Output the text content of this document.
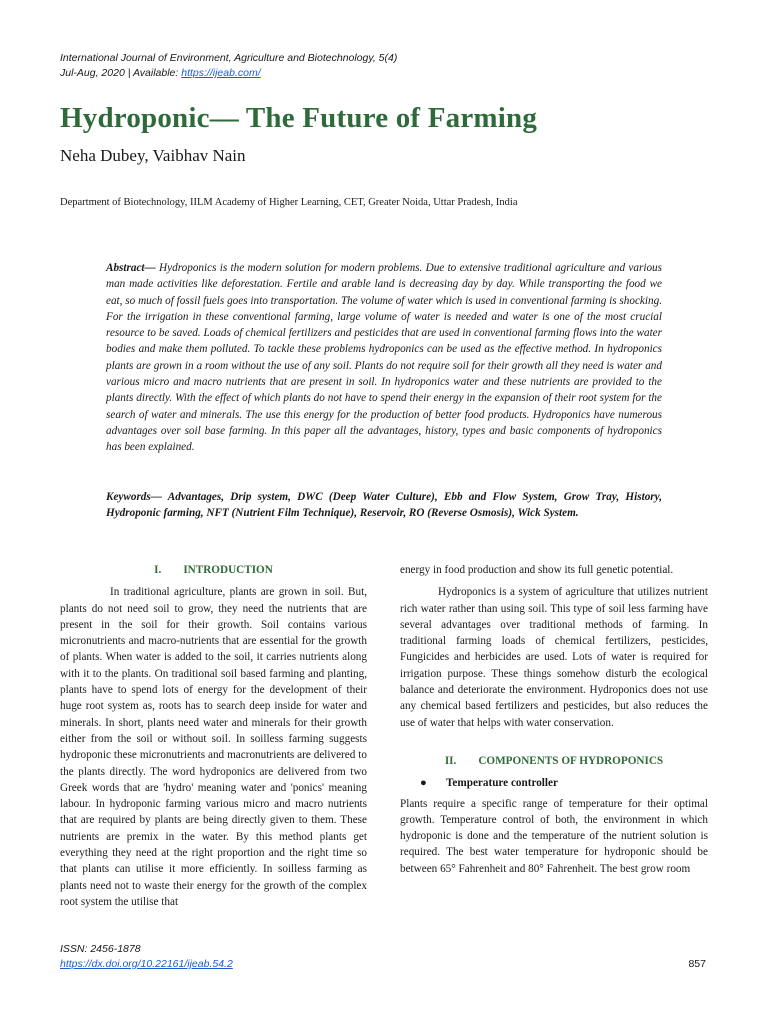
International Journal of Environment, Agriculture and Biotechnology, 5(4)
Jul-Aug, 2020 | Available: https://ijeab.com/
Hydroponic— The Future of Farming
Neha Dubey, Vaibhav Nain
Department of Biotechnology, IILM Academy of Higher Learning, CET, Greater Noida, Uttar Pradesh, India
Abstract— Hydroponics is the modern solution for modern problems. Due to extensive traditional agriculture and various man made activities like deforestation. Fertile and arable land is decreasing day by day. While transporting the food we eat, so much of fossil fuels goes into transportation. The volume of water which is used in conventional farming is shocking. For the irrigation in these conventional farming, large volume of water is needed and water is one of the most crucial resource to be saved. Loads of chemical fertilizers and pesticides that are used in conventional farming flows into the water bodies and make them polluted. To tackle these problems hydroponics can be used as the effective method. In hydroponics plants are grown in a room without the use of any soil. Plants do not require soil for their growth all they need is water and various micro and macro nutrients that are present in soil. In hydroponics water and these nutrients are provided to the plants directly. With the effect of which plants do not have to spend their energy in the expansion of their root system for the search of water and minerals. The use this energy for the production of better food products. Hydroponics have numerous advantages over soil base farming. In this paper all the advantages, history, types and basic components of hydroponics has been explained.
Keywords— Advantages, Drip system, DWC (Deep Water Culture), Ebb and Flow System, Grow Tray, History, Hydroponic farming, NFT (Nutrient Film Technique), Reservoir, RO (Reverse Osmosis), Wick System.
I. INTRODUCTION

In traditional agriculture, plants are grown in soil. But, plants do not need soil to grow, they need the nutrients that are present in the soil for their growth. Soil contains various micronutrients and macro-nutrients that are essential for the growth of plants. When water is added to the soil, it carries nutrients along with it to the plants. On traditional soil based farming and planting, plants have to spend lots of energy for the development of their huge root system as, roots has to search deep inside for water and minerals. In short, plants need water and minerals for their growth either from the soil or without soil. In soilless farming suggests hydroponic these micronutrients and macronutrients are delivered to the plants directly. The word hydroponics are delivered from two Greek words that are 'hydro' meaning water and 'ponics' meaning labour. In hydroponic farming various micro and macro nutrients that are required by plants are being directly given to them. These nutrients are premix in the water. By this method plants get everything they need at the right proportion and the right time so that plants can utilise it more efficiently. In soilless farming as plants need not to waste their energy for the growth of the complex root system the utilise that

energy in food production and show its full genetic potential.

Hydroponics is a system of agriculture that utilizes nutrient rich water rather than using soil. This type of soil less farming have several advantages over traditional methods of farming. In traditional farming loads of chemical fertilizers, pesticides, Fungicides and herbicides are used. Lots of water is required for irrigation purpose. These things somehow disturb the ecological balance and deteriorate the environment. Hydroponics does not use any chemical based fertilizers and pesticides, but also reduces the use of water that helps with water conservation.

II. COMPONENTS OF HYDROPONICS
● Temperature controller

Plants require a specific range of temperature for their optimal growth. Temperature control of both, the environment in which hydroponic is done and the temperature of the nutrient solution is required. The best water temperature for hydroponic should be between 65° Fahrenheit and 80° Fahrenheit. The best grow room

ISSN: 2456-1878
https://dx.doi.org/10.22161/ijeab.54.2	857
